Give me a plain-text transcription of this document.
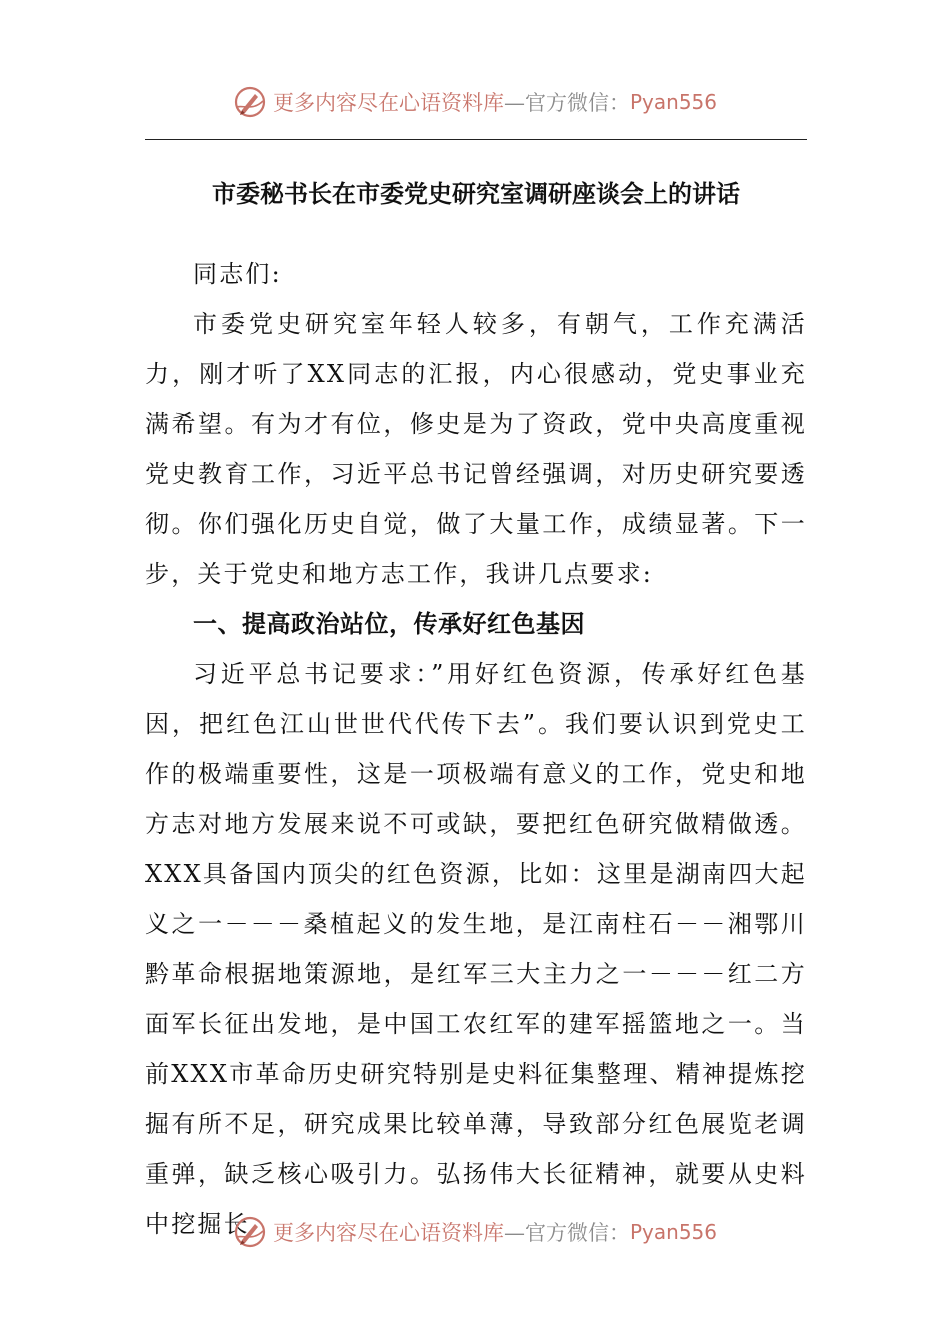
更多内容尽在心语资料库 —官方微信： Pyan556
市委秘书长在市委党史研究室调研座谈会上的讲话

同志们:

市委党史研究室年轻人较多，有朝气，工作充满活力，刚才听了XX同志的汇报，内心很感动，党史事业充满希望。有为才有位，修史是为了资政，党中央高度重视党史教育工作，习近平总书记曾经强调，对历史研究要透彻。你们强化历史自觉，做了大量工作，成绩显著。下一步，关于党史和地方志工作，我讲几点要求:

一、提高政治站位，传承好红色基因

习近平总书记要求：”用好红色资源，传承好红色基因，把红色江山世世代代传下去”。我们要认识到党史工作的极端重要性，这是一项极端有意义的工作，党史和地方志对地方发展来说不可或缺，要把红色研究做精做透。XXX具备国内顶尖的红色资源，比如：这里是湖南四大起义之一－－－桑植起义的发生地，是江南柱石－－湘鄂川黔革命根据地策源地，是红军三大主力之一－－－红二方面军长征出发地，是中国工农红军的建军摇篮地之一。当前XXX市革命历史研究特别是史料征集整理、精神提炼挖掘有所不足，研究成果比较单薄，导致部分红色展览老调重弹，缺乏核心吸引力。弘扬伟大长征精神，就要从史料中挖掘长	更多内容尽在心语资料库 —官方微信： Pyan556
